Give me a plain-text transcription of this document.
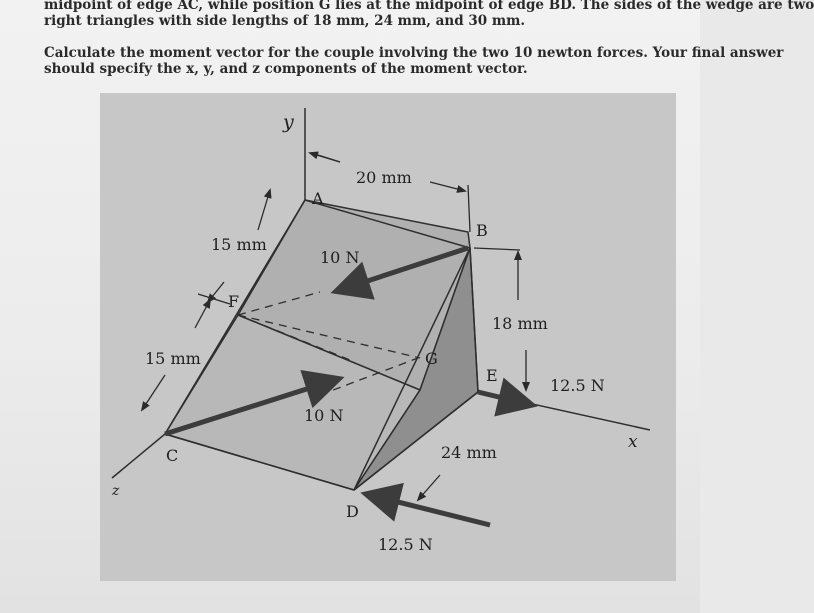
midpoint of edge AC, while position G lies at the midpoint of edge BD. The sides of the wedge are two
right triangles with side lengths of 18 mm, 24 mm, and 30 mm.
Calculate the moment vector for the couple involving the two 10 newton forces. Your final answer
should specify the x, y, and z components of the moment vector.
y
x
z
A
B
C
D
E
F
G
20 mm
15 mm
15 mm
18 mm
24 mm
10 N
10 N
12.5 N
12.5 N
